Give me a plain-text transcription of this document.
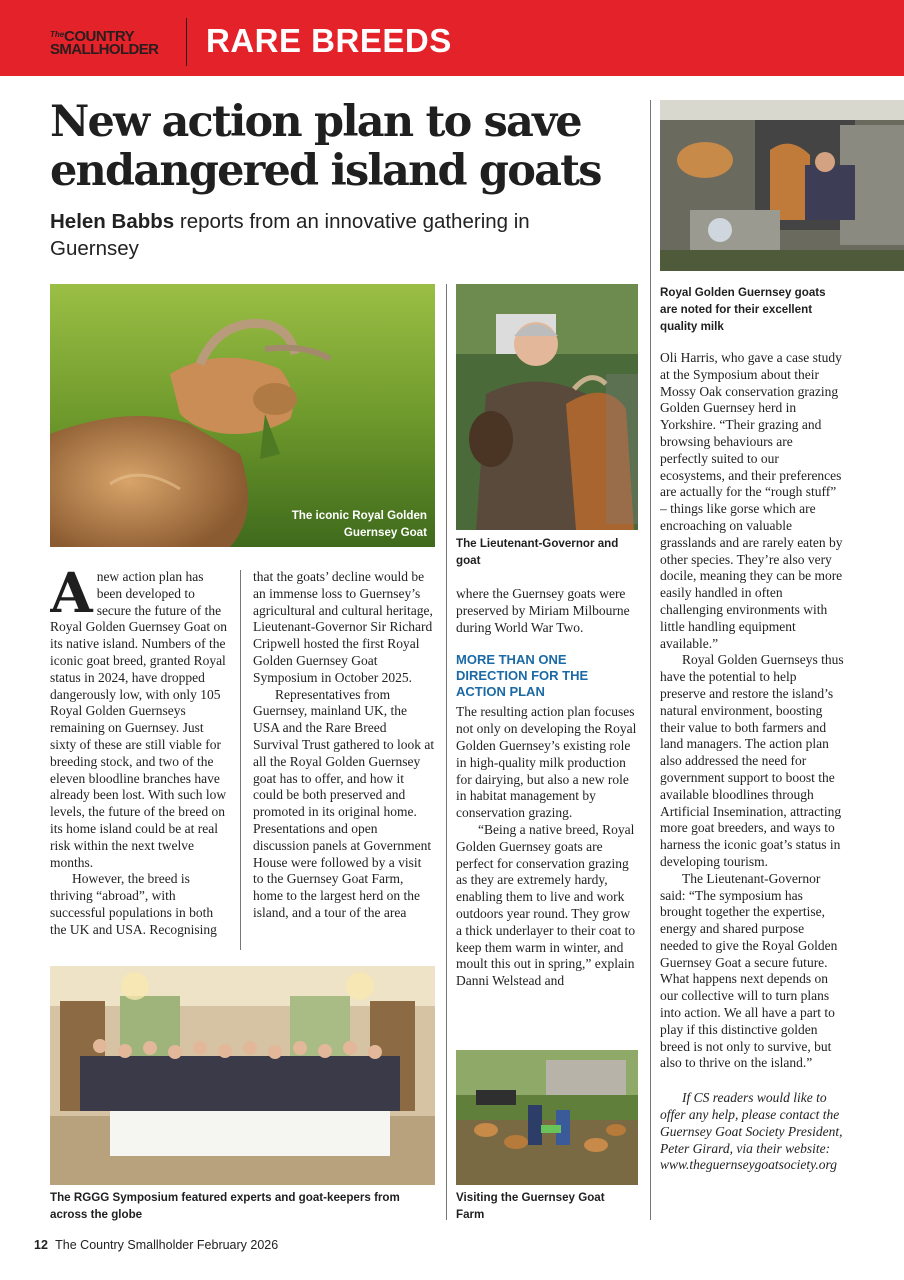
The COUNTRY
SMALLHOLDER	RARE BREEDS
New action plan to save endangered island goats
Helen Babbs reports from an innovative gathering in Guernsey
The iconic Royal Golden Guernsey Goat
The Lieutenant-Governor and goat
Royal Golden Guernsey goats are noted for their excellent quality milk
The RGGG Symposium featured experts and goat-keepers from across the globe
Visiting the Guernsey Goat Farm

Anew action plan has been developed to secure the future of the Royal Golden Guernsey Goat on its native island. Numbers of the iconic goat breed, granted Royal status in 2024, have dropped dangerously low, with only 105 Royal Golden Guernseys remaining on Guernsey. Just sixty of these are still viable for breeding stock, and two of the eleven bloodline branches have already been lost. With such low levels, the future of the breed on its home island could be at real risk within the next twelve months.

However, the breed is thriving “abroad”, with successful populations in both the UK and USA. Recognising

that the goats’ decline would be an immense loss to Guernsey’s agricultural and cultural heritage, Lieutenant-Governor Sir Richard Cripwell hosted the first Royal Golden Guernsey Goat Symposium in October 2025.

Representatives from Guernsey, mainland UK, the USA and the Rare Breed Survival Trust gathered to look at all the Royal Golden Guernsey goat has to offer, and how it could be both preserved and promoted in its original home. Presentations and open discussion panels at Government House were followed by a visit to the Guernsey Goat Farm, home to the largest herd on the island, and a tour of the area

where the Guernsey goats were preserved by Miriam Milbourne during World War Two.

MORE THAN ONE DIRECTION FOR THE ACTION PLAN

The resulting action plan focuses not only on developing the Royal Golden Guernsey’s existing role in high-quality milk production for dairying, but also a new role in habitat management by conservation grazing.

“Being a native breed, Royal Golden Guernsey goats are perfect for conservation grazing as they are extremely hardy, enabling them to live and work outdoors year round. They grow a thick underlayer to their coat to keep them warm in winter, and moult this out in spring,” explain Danni Welstead and

Oli Harris, who gave a case study at the Symposium about their Mossy Oak conservation grazing Golden Guernsey herd in Yorkshire. “Their grazing and browsing behaviours are perfectly suited to our ecosystems, and their preferences are actually for the “rough stuff” – things like gorse which are encroaching on valuable grasslands and are rarely eaten by other species. They’re also very docile, meaning they can be more easily handled in often challenging environments with little handling equipment available.”

Royal Golden Guernseys thus have the potential to help preserve and restore the island’s natural environment, boosting their value to both farmers and land managers. The action plan also addressed the need for government support to boost the available bloodlines through Artificial Insemination, attracting more goat breeders, and ways to harness the iconic goat’s status in developing tourism.

The Lieutenant-Governor said: “The symposium has brought together the expertise, energy and shared purpose needed to give the Royal Golden Guernsey Goat a secure future. What happens next depends on our collective will to turn plans into action. We all have a part to play if this distinctive golden breed is not only to survive, but also to thrive on the island.”

If CS readers would like to offer any help, please contact the Guernsey Goat Society President, Peter Girard, via their website: www.theguernseygoatsociety.org

12 The Country Smallholder February 2026
